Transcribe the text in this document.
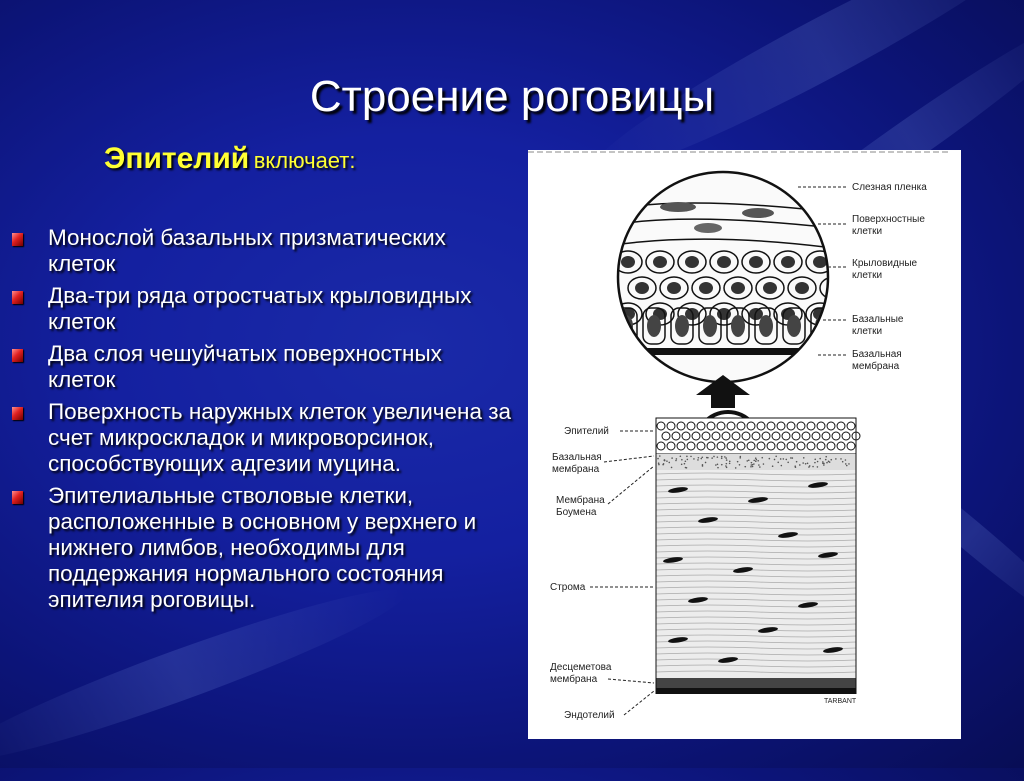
Строение роговицы
Эпителий включает:
Монослой базальных призматических клеток
Два-три ряда отростчатых крыловидных клеток
Два слоя чешуйчатых поверхностных клеток
Поверхность наружных клеток увеличена за счет микроскладок и микроворсинок, способствующих адгезии муцина.
Эпителиальные стволовые клетки, расположенные в основном у верхнего и нижнего лимбов, необходимы для поддержания нормального состояния эпителия роговицы.
Слезная пленка
Поверхностные клетки
Крыловидные клетки
Базальные клетки
Базальная мембрана
Эпителий
Базальная мембрана
Мембрана Боумена
Строма
Десцеметова мембрана
Эндотелий
TARBANT
